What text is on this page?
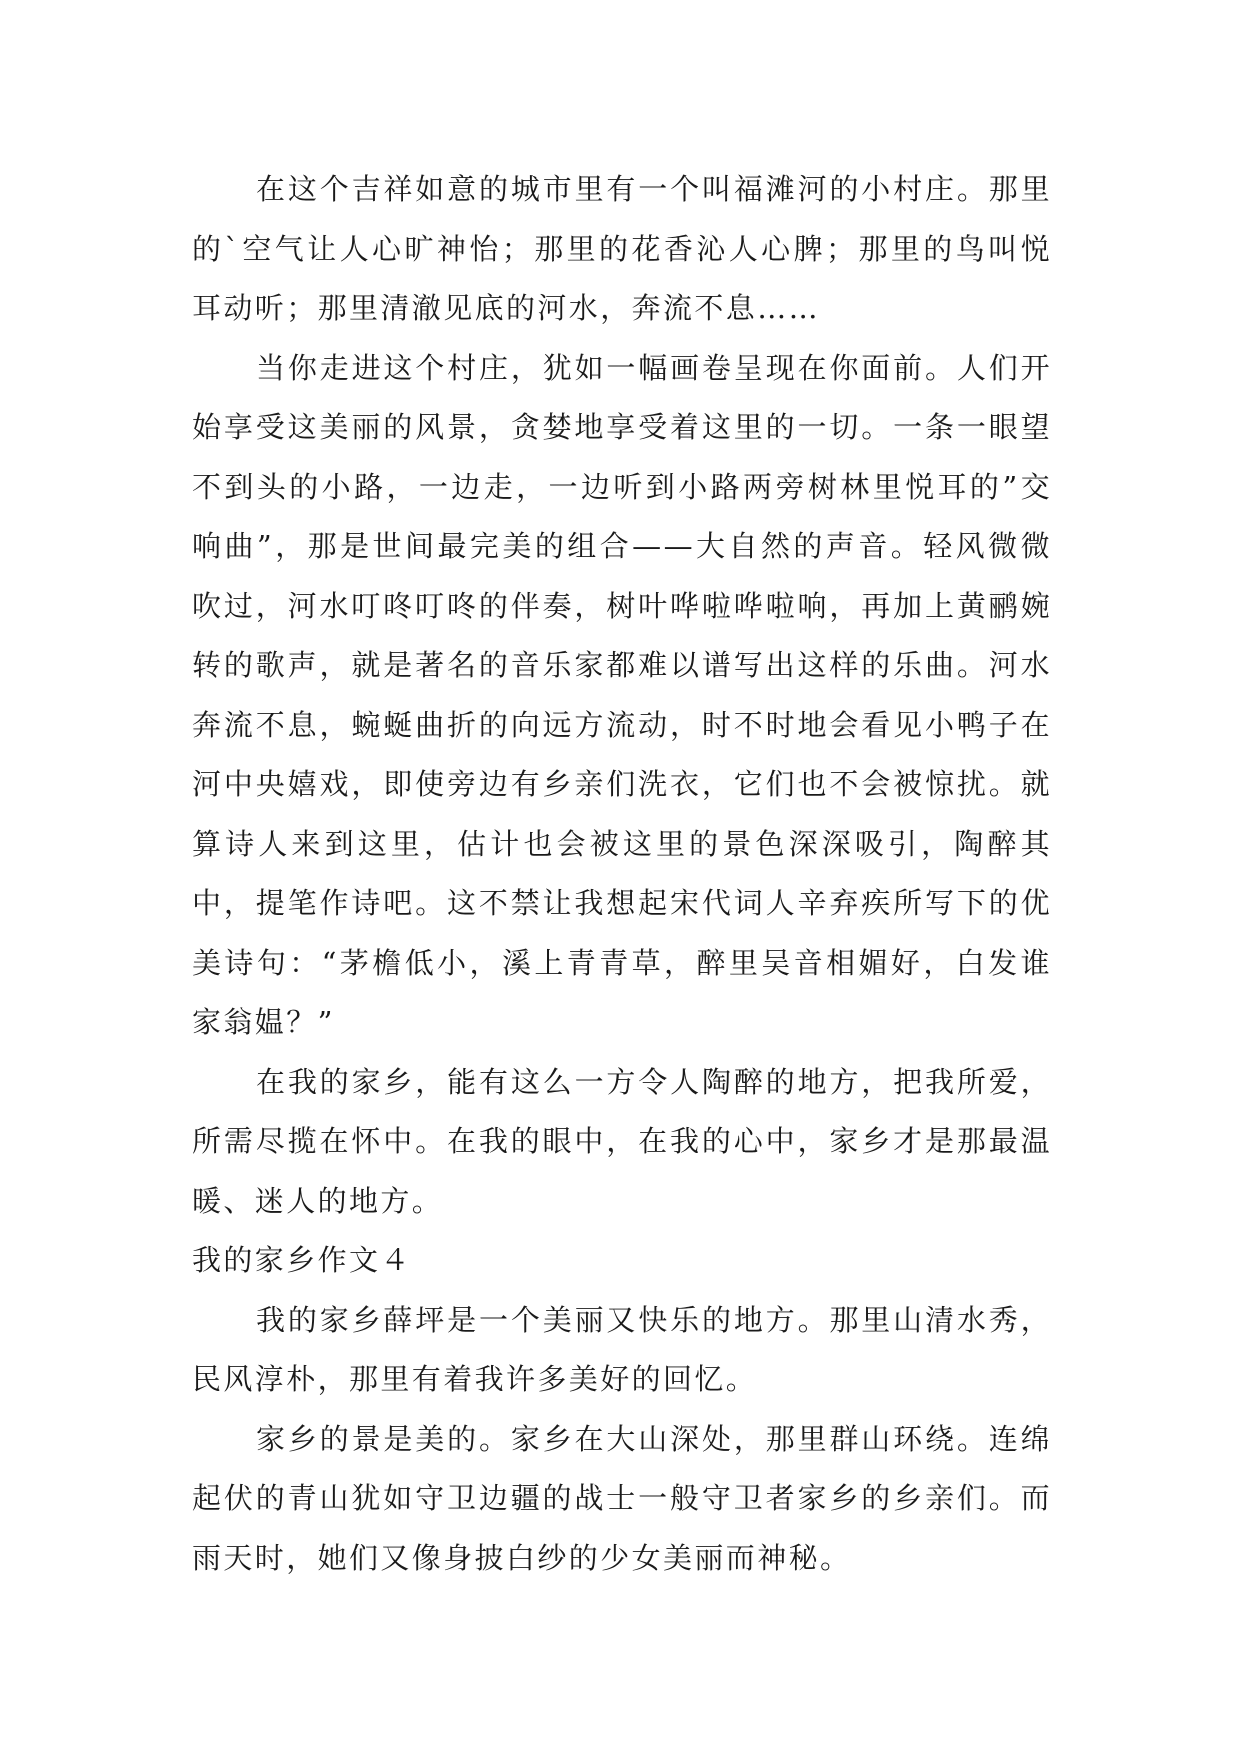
在这个吉祥如意的城市里有一个叫福滩河的小村庄。那里的`空气让人心旷神怡；那里的花香沁人心脾；那里的鸟叫悦耳动听；那里清澈见底的河水，奔流不息……

当你走进这个村庄，犹如一幅画卷呈现在你面前。人们开始享受这美丽的风景，贪婪地享受着这里的一切。一条一眼望不到头的小路，一边走，一边听到小路两旁树林里悦耳的”交响曲”，那是世间最完美的组合——大自然的声音。轻风微微吹过，河水叮咚叮咚的伴奏，树叶哗啦哗啦响，再加上黄鹂婉转的歌声，就是著名的音乐家都难以谱写出这样的乐曲。河水奔流不息，蜿蜒曲折的向远方流动，时不时地会看见小鸭子在河中央嬉戏，即使旁边有乡亲们洗衣，它们也不会被惊扰。就算诗人来到这里，估计也会被这里的景色深深吸引，陶醉其中，提笔作诗吧。这不禁让我想起宋代词人辛弃疾所写下的优美诗句：“茅檐低小，溪上青青草，醉里吴音相媚好，白发谁家翁媪？”

在我的家乡，能有这么一方令人陶醉的地方，把我所爱，所需尽揽在怀中。在我的眼中，在我的心中，家乡才是那最温暖、迷人的地方。

我的家乡作文４

我的家乡薛坪是一个美丽又快乐的地方。那里山清水秀，民风淳朴，那里有着我许多美好的回忆。

家乡的景是美的。家乡在大山深处，那里群山环绕。连绵起伏的青山犹如守卫边疆的战士一般守卫者家乡的乡亲们。而雨天时，她们又像身披白纱的少女美丽而神秘。
